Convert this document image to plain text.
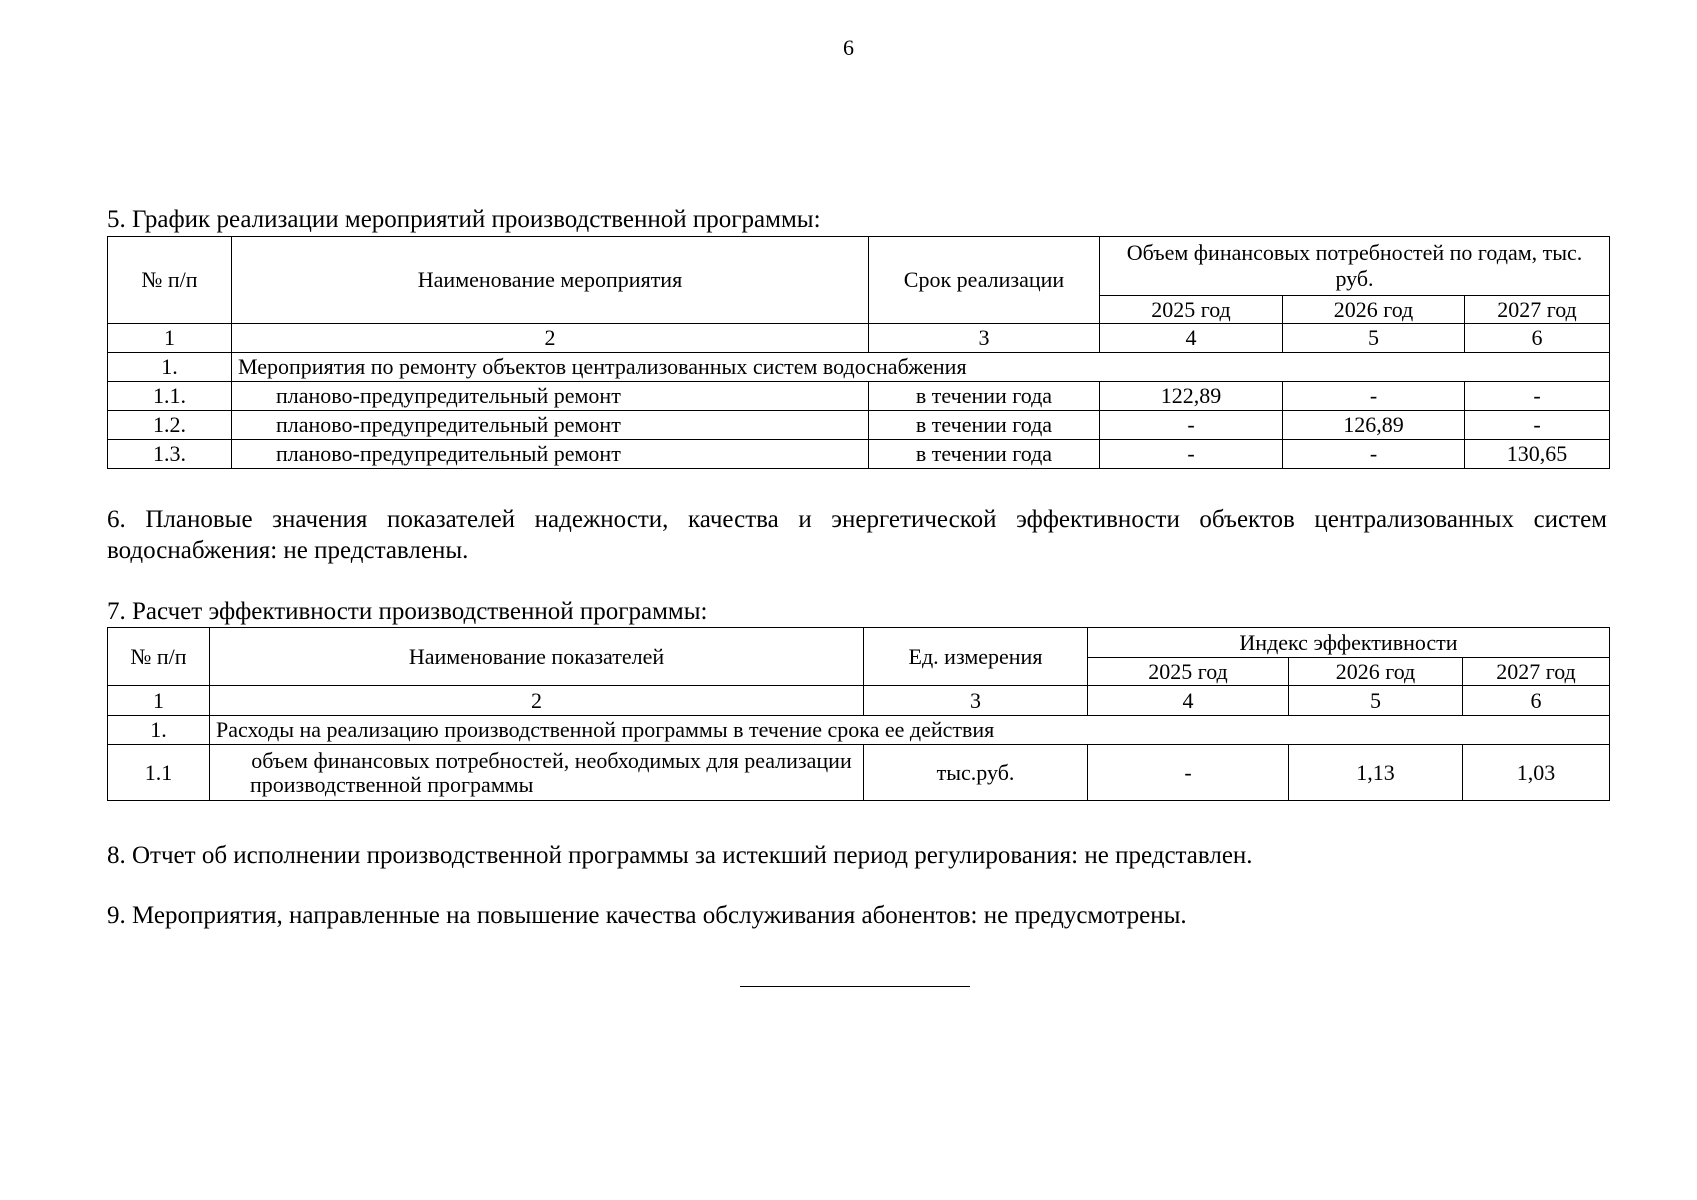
6
5. График реализации мероприятий производственной программы:
№ п/п	Наименование мероприятия	Срок реализации	Объем финансовых потребностей по годам, тыс. руб.		
			2025 год	2026 год	2027 год
1	2	3	4	5	6
1.	Мероприятия по ремонту объектов централизованных систем водоснабжения				
1.1.	планово-предупредительный ремонт	в течении года	122,89	-	-
1.2.	планово-предупредительный ремонт	в течении года	-	126,89	-
1.3.	планово-предупредительный ремонт	в течении года	-	-	130,65
6. Плановые значения показателей надежности, качества и энергетической эффективности объектов централизованных систем водоснабжения: не представлены.
7. Расчет эффективности производственной программы:
№ п/п	Наименование показателей	Ед. измерения	Индекс эффективности		
			2025 год	2026 год	2027 год
1	2	3	4	5	6
1.	Расходы на реализацию производственной программы в течение срока ее действия				
1.1	объем финансовых потребностей, необходимых для реализации производственной программы	тыс.руб.	-	1,13	1,03
8. Отчет об исполнении производственной программы за истекший период регулирования: не представлен.
9. Мероприятия, направленные на повышение качества обслуживания абонентов: не предусмотрены.
